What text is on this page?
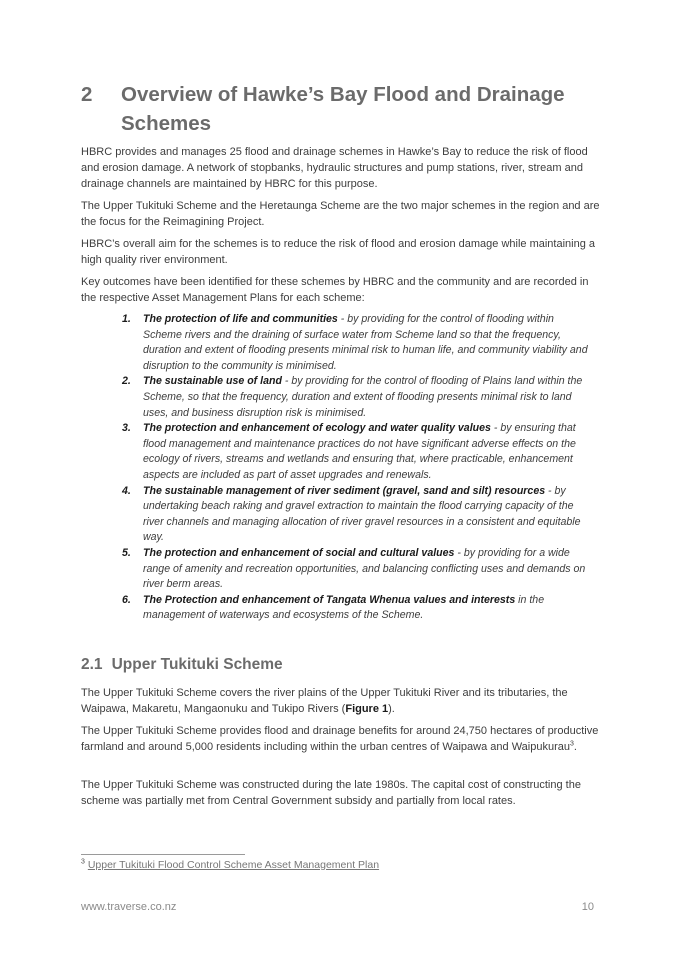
2	Overview of Hawke’s Bay Flood and Drainage
Schemes

HBRC provides and manages 25 flood and drainage schemes in Hawke’s Bay to reduce the risk of flood and erosion damage. A network of stopbanks, hydraulic structures and pump stations, river, stream and drainage channels are maintained by HBRC for this purpose.

The Upper Tukituki Scheme and the Heretaunga Scheme are the two major schemes in the region and are the focus for the Reimagining Project.

HBRC’s overall aim for the schemes is to reduce the risk of flood and erosion damage while maintaining a high quality river environment.

Key outcomes have been identified for these schemes by HBRC and the community and are recorded in the respective Asset Management Plans for each scheme:

1. The protection of life and communities - by providing for the control of flooding within Scheme rivers and the draining of surface water from Scheme land so that the frequency, duration and extent of flooding presents minimal risk to human life, and community viability and disruption to the community is minimised.
2. The sustainable use of land - by providing for the control of flooding of Plains land within the Scheme, so that the frequency, duration and extent of flooding presents minimal risk to land uses, and business disruption risk is minimised.
3. The protection and enhancement of ecology and water quality values - by ensuring that flood management and maintenance practices do not have significant adverse effects on the ecology of rivers, streams and wetlands and ensuring that, where practicable, enhancement aspects are included as part of asset upgrades and renewals.
4. The sustainable management of river sediment (gravel, sand and silt) resources - by undertaking beach raking and gravel extraction to maintain the flood carrying capacity of the river channels and managing allocation of river gravel resources in a consistent and equitable way.
5. The protection and enhancement of social and cultural values - by providing for a wide range of amenity and recreation opportunities, and balancing conflicting uses and demands on river berm areas.
6. The Protection and enhancement of Tangata Whenua values and interests in the management of waterways and ecosystems of the Scheme.
2.1 Upper Tukituki Scheme

The Upper Tukituki Scheme covers the river plains of the Upper Tukituki River and its tributaries, the Waipawa, Makaretu, Mangaonuku and Tukipo Rivers (Figure 1).

The Upper Tukituki Scheme provides flood and drainage benefits for around 24,750 hectares of productive farmland and around 5,000 residents including within the urban centres of Waipawa and Waipukurau$^3$.

The Upper Tukituki Scheme was constructed during the late 1980s. The capital cost of constructing the scheme was partially met from Central Government subsidy and partially from local rates.

$^3$ Upper Tukituki Flood Control Scheme Asset Management Plan
www.traverse.co.nz	10
